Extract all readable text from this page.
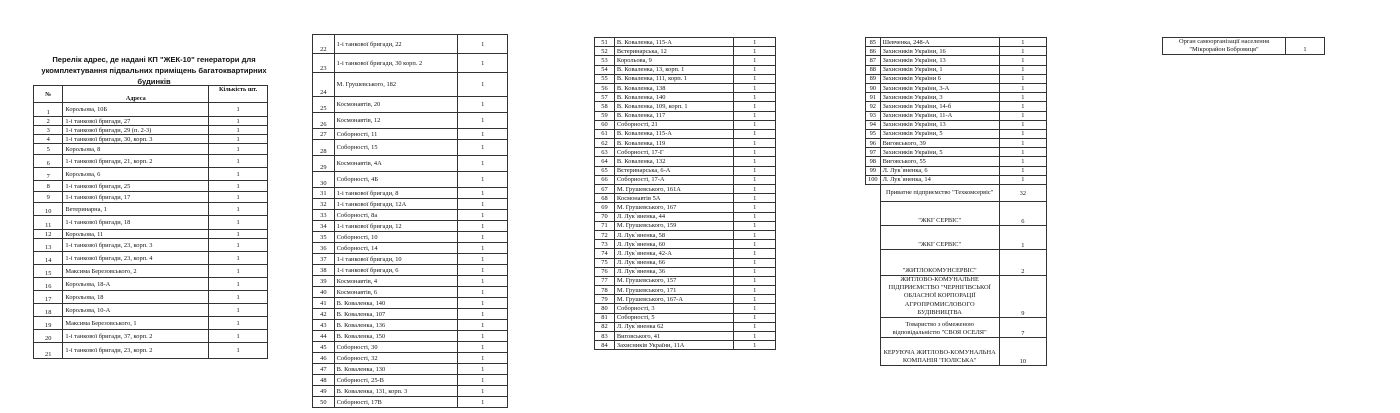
Перелік адрес, де надані КП "ЖЕК-10" генератори для укомплектування підвальних приміщень багатоквартирних будинків
№	Адреса	Кількість шт.
1	Корольова, 10Б	1
2	1-і танкової бригади, 27	1
3	1-і танкової бригади, 29 (п. 2-3)	1
4	1-і танкової бригади, 30, корп. 3	1
5	Корольова, 8	1
6	1-і танкової бригади, 21, корп. 2	1
7	Корольова, 6	1
8	1-і танкової бригади, 25	1
9	1-і танкової бригади, 17	1
10	Ветеринарна, 1	1
11	1-і танкової бригади, 18	1
12	Корольова, 11	1
13	1-і танкової бригади, 23, корп. 3	1
14	1-і танкової бригади, 23, корп. 4	1
15	Максима Березовського, 2	1
16	Корольова, 18-А	1
17	Корольова, 18	1
18	Корольова, 10-А	1
19	Максима Березовського, 1	1
20	1-і танкової бригади, 37, корп. 2	1
21	1-і танкової бригади, 23, корп. 2	1
22	1-і танкової бригади, 22	1
23	1-і танкової бригади, 30 корп. 2	1
24	М. Грушевського, 182	1
25	Космонавтів, 20	1
26	Космонавтів, 12	1
27	Соборності, 11	1
28	Соборності, 15	1
29	Космонавтів, 4А	1
30	Соборності, 4Б	1
31	1-і танкової бригади, 8	1
32	1-і танкової бригади, 12А	1
33	Соборності, 8а	1
34	1-і танкової бригади, 12	1
35	Соборності, 10	1
36	Соборності, 14	1
37	1-і танкової бригади, 10	1
38	1-і танкової бригади, 6	1
39	Космонавтів, 4	1
40	Космонавтів, 6	1
41	В. Коваленка, 140	1
42	В. Коваленка, 107	1
43	В. Коваленка, 136	1
44	В. Коваленка, 150	1
45	Соборності, 30	1
46	Соборності, 32	1
47	В. Коваленка, 130	1
48	Соборності, 25-В	1
49	В. Коваленка, 131, корп. 3	1
50	Соборності, 17В	1
51	В. Коваленка, 115-А	1
52	Вєтеринарська, 12	1
53	Корольова, 9	1
54	В. Коваленка, 13, корп. 1	1
55	В. Коваленка, 111, корп. 1	1
56	В. Коваленка, 138	1
57	В. Коваленка, 140	1
58	В. Коваленка, 109, корп. 1	1
59	В. Коваленка, 117	1
60	Соборності, 21	1
61	В. Коваленка, 115-А	1
62	В. Коваленка, 119	1
63	Соборності, 17-Г	1
64	В. Коваленка, 132	1
65	Вєтеринарська, 6-А	1
66	Соборності, 17-А	1
67	М. Грушевського, 161А	1
68	Космонавтів 5А	1
69	М. Грушевського, 167	1
70	Л. Лук`яненка, 44	1
71	М. Грушевського, 159	1
72	Л. Лук`яненка, 58	1
73	Л. Лук`яненка, 60	1
74	Л. Лук`яненка, 42-А	1
75	Л. Лук`яненка, 66	1
76	Л. Лук`яненка, 36	1
77	М. Грушевського, 157	1
78	М. Грушевського, 171	1
79	М. Грушевського, 167-А	1
80	Соборності, 3	1
81	Соборності, 5	1
82	Л. Лук`яненка 62	1
83	Виговського, 41	1
84	Захисників України, 11А	1
85	Шевченка, 248-А	1
86	Захисників України, 16	1
87	Захисників України, 13	1
88	Захисників України, 1	1
89	Захисників України 6	1
90	Захисників України, 3-А	1
91	Захисників України, 3	1
92	Захисників України, 14-б	1
93	Захисників України, 11-А	1
94	Захисників України, 13	1
95	Захисників України, 5	1
96	Виговського, 39	1
97	Захисників України, 5	1
98	Виговського, 55	1
99	Л. Лук`яненка, 6	1
100	Л. Лук`яненка, 14	1
	Приватне підприємство "Техкомсервіс"	32
	"ЖКГ СЕРВІС"	6
	"ЖКГ СЕРВІС"	1
	"ЖИТЛОКОМУНСЕРВІС"	2
	ЖИТЛОВО-КОМУНАЛЬНЕ ПІДПРИЄМСТВО "ЧЕРНІГІВСЬКОЇ ОБЛАСНОЇ КОРПОРАЦІЇ АГРОПРОМИСЛОВОГО БУДІВНИЦТВА	9
	Товариство з обмеженою відповідальністю "СВОЯ ОСЕЛЯ"	7
	КЕРУЮЧА ЖИТЛОВО-КОМУНАЛЬНА КОМПАНІЯ "ПОЛІСЬКА"	10
Орган самоорганізації населення "Мікрорайон Бобровиця"	1
